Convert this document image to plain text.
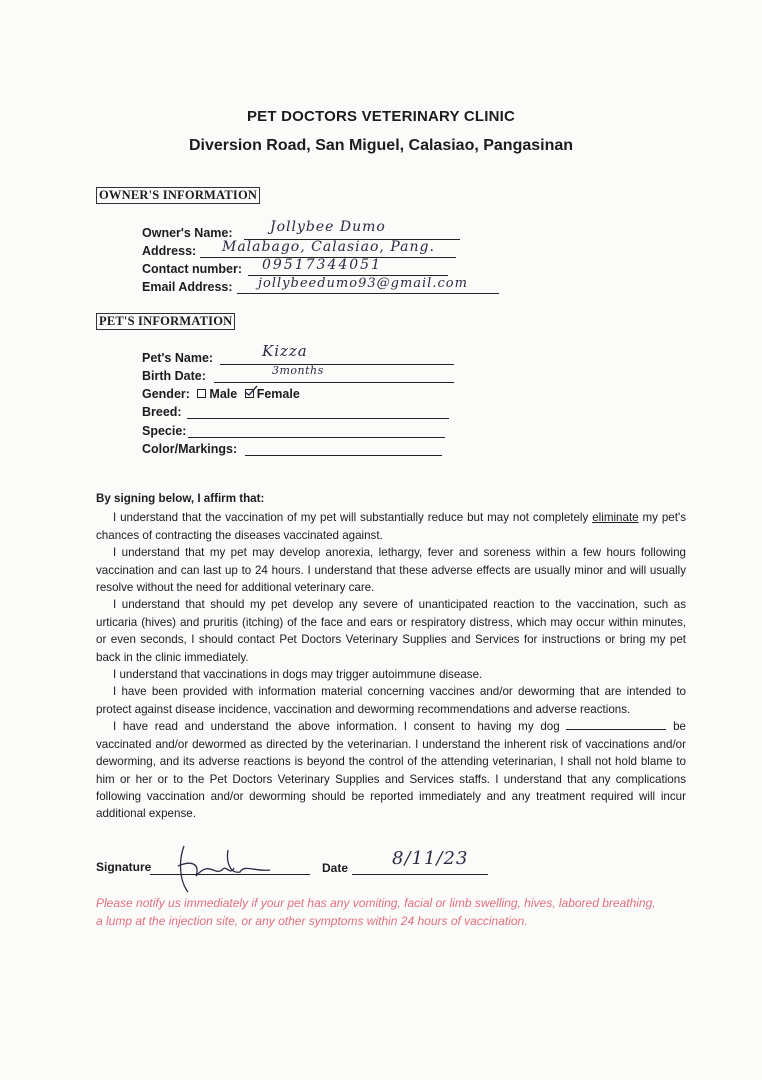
PET DOCTORS VETERINARY CLINIC
Diversion Road, San Miguel, Calasiao, Pangasinan
OWNER'S INFORMATION
Owner's Name:	Jollybee Dumo
Address: Malabago, Calasiao, Pang.
Contact number: 09517344051
Email Address: jollybeedumo93@gmail.com
PET'S INFORMATION
Pet's Name:	Kizza
Birth Date:	3months
Gender: Male Female
Breed:
Specie:
Color/Markings:

By signing below, I affirm that:

I understand that the vaccination of my pet will substantially reduce but may not completely eliminate my pet's chances of contracting the diseases vaccinated against.

I understand that my pet may develop anorexia, lethargy, fever and soreness within a few hours following vaccination and can last up to 24 hours. I understand that these adverse effects are usually minor and will usually resolve without the need for additional veterinary care.

I understand that should my pet develop any severe of unanticipated reaction to the vaccination, such as urticaria (hives) and pruritis (itching) of the face and ears or respiratory distress, which may occur within minutes, or even seconds, I should contact Pet Doctors Veterinary Supplies and Services for instructions or bring my pet back in the clinic immediately.

I understand that vaccinations in dogs may trigger autoimmune disease.

I have been provided with information material concerning vaccines and/or deworming that are intended to protect against disease incidence, vaccination and deworming recommendations and adverse reactions.

I have read and understand the above information. I consent to having my dog	be vaccinated and/or dewormed as directed by the veterinarian. I understand the inherent risk of vaccinations and/or deworming, and its adverse reactions is beyond the control of the attending veterinarian, I shall not hold blame to him or her or to the Pet Doctors Veterinary Supplies and Services staffs. I understand that any complications following vaccination and/or deworming should be reported immediately and any treatment required will incur additional expense.

Signature	Date 8/11/23
Please notify us immediately if your pet has any vomiting, facial or limb swelling, hives, labored breathing, a lump at the injection site, or any other symptoms within 24 hours of vaccination.
